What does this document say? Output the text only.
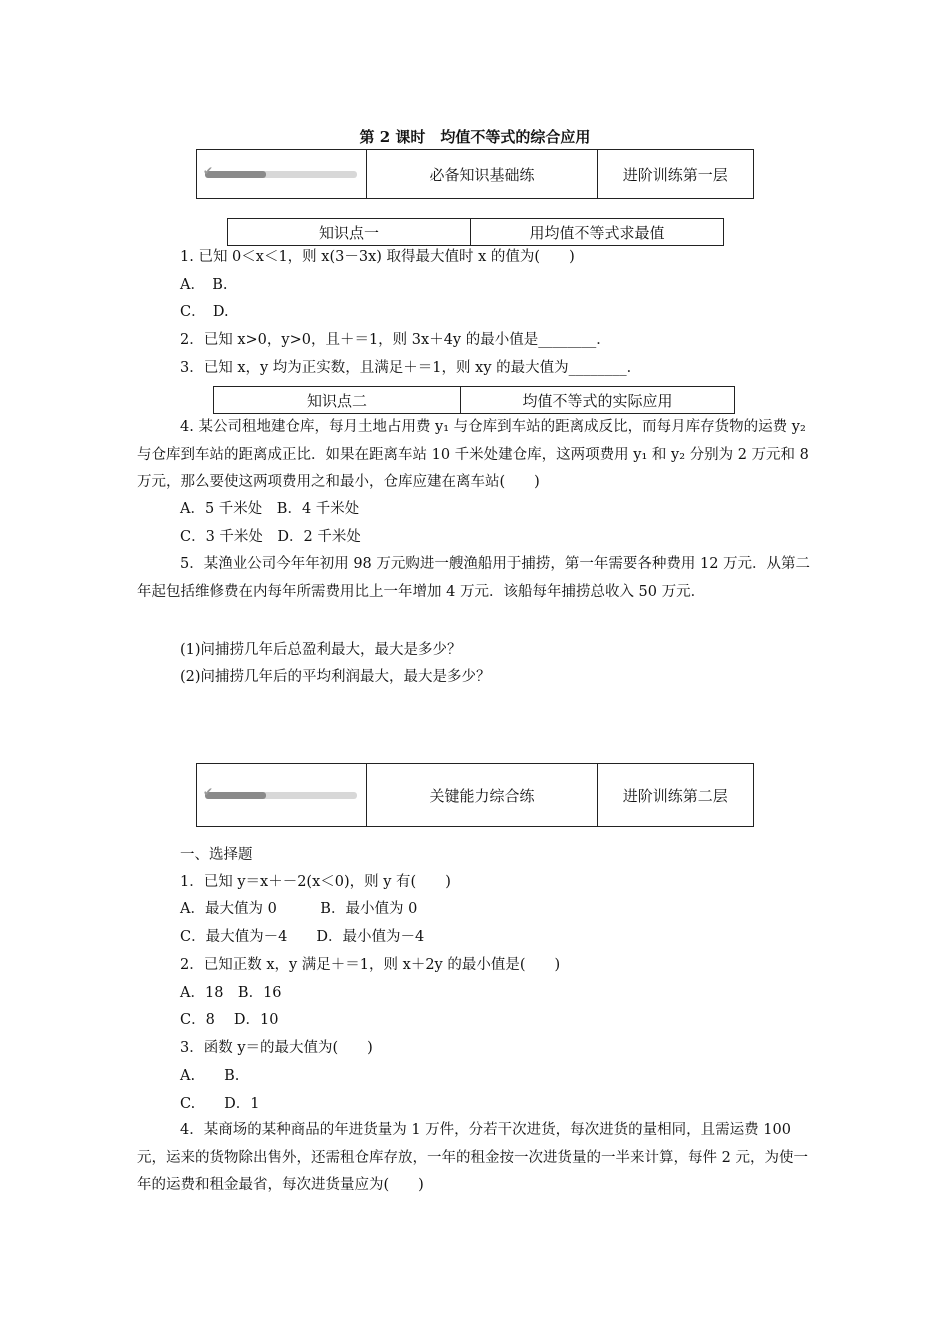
第 2 课时　均值不等式的综合应用
✔	必备知识基础练	进阶训练第一层
知识点一	用均值不等式求最值
1. 已知 0＜x＜1，则 x(3－3x) 取得最大值时 x 的值为(　　)
A．　B.
C．　D.
2．已知 x>0，y>0，且＋＝1，则 3x＋4y 的最小值是________．
3．已知 x，y 均为正实数，且满足＋＝1，则 xy 的最大值为________．
知识点二	均值不等式的实际应用
4. 某公司租地建仓库，每月土地占用费 y₁ 与仓库到车站的距离成反比，而每月库存货物的运费 y₂ 与仓库到车站的距离成正比．如果在距离车站 10 千米处建仓库，这两项费用 y₁ 和 y₂ 分别为 2 万元和 8 万元，那么要使这两项费用之和最小，仓库应建在离车站(　　)
A．5 千米处　B．4 千米处
C．3 千米处　D．2 千米处
5．某渔业公司今年年初用 98 万元购进一艘渔船用于捕捞，第一年需要各种费用 12 万元．从第二年起包括维修费在内每年所需费用比上一年增加 4 万元．该船每年捕捞总收入 50 万元．
(1)问捕捞几年后总盈利最大，最大是多少？
(2)问捕捞几年后的平均利润最大，最大是多少？
✔	关键能力综合练	进阶训练第二层
一、选择题
1．已知 y＝x＋－2(x＜0)，则 y 有(　　)
A．最大值为 0　　　B．最小值为 0
C．最大值为－4　　D．最小值为－4
2．已知正数 x，y 满足＋＝1，则 x＋2y 的最小值是(　　)
A．18　B．16
C．8　 D．10
3．函数 y＝的最大值为(　　)
A.　　B.
C.　　D．1
4．某商场的某种商品的年进货量为 1 万件，分若干次进货，每次进货的量相同，且需运费 100 元，运来的货物除出售外，还需租仓库存放，一年的租金按一次进货量的一半来计算，每件 2 元，为使一年的运费和租金最省，每次进货量应为(　　)
